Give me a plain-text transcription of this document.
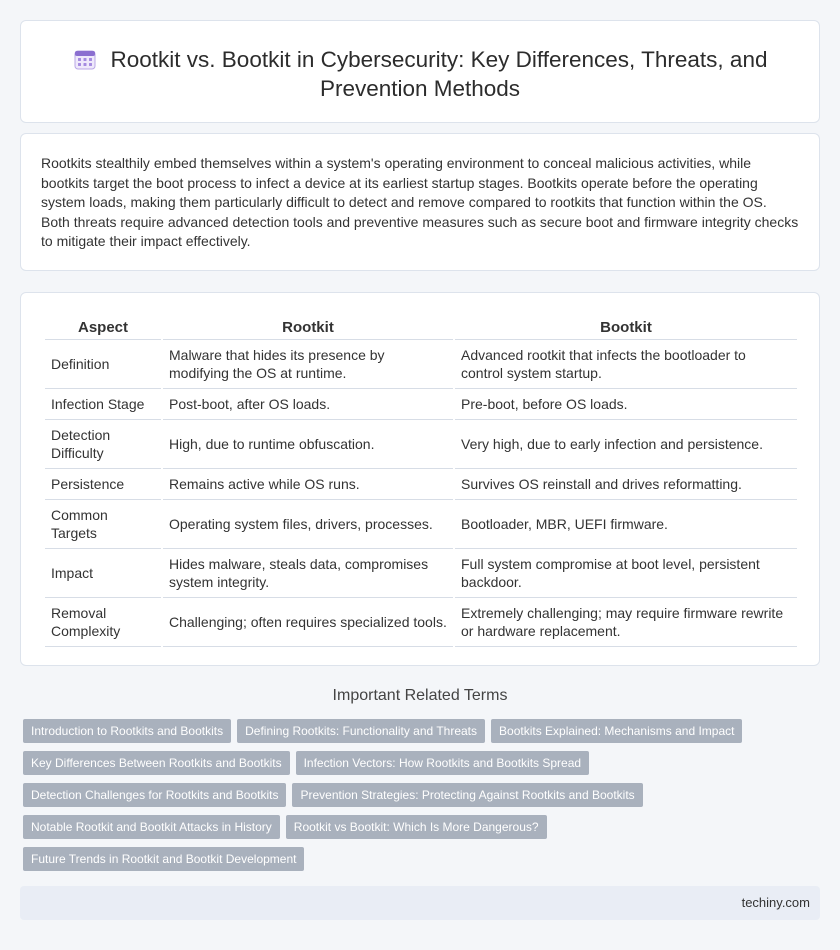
Rootkit vs. Bootkit in Cybersecurity: Key Differences, Threats, and Prevention Methods
Rootkits stealthily embed themselves within a system's operating environment to conceal malicious activities, while bootkits target the boot process to infect a device at its earliest startup stages. Bootkits operate before the operating system loads, making them particularly difficult to detect and remove compared to rootkits that function within the OS. Both threats require advanced detection tools and preventive measures such as secure boot and firmware integrity checks to mitigate their impact effectively.
Aspect	Rootkit	Bootkit
Definition	Malware that hides its presence by modifying the OS at runtime.	Advanced rootkit that infects the bootloader to control system startup.
Infection Stage	Post-boot, after OS loads.	Pre-boot, before OS loads.
Detection Difficulty	High, due to runtime obfuscation.	Very high, due to early infection and persistence.
Persistence	Remains active while OS runs.	Survives OS reinstall and drives reformatting.
Common Targets	Operating system files, drivers, processes.	Bootloader, MBR, UEFI firmware.
Impact	Hides malware, steals data, compromises system integrity.	Full system compromise at boot level, persistent backdoor.
Removal Complexity	Challenging; often requires specialized tools.	Extremely challenging; may require firmware rewrite or hardware replacement.
Important Related Terms
Introduction to Rootkits and Bootkits	Defining Rootkits: Functionality and Threats	Bootkits Explained: Mechanisms and Impact
Key Differences Between Rootkits and Bootkits	Infection Vectors: How Rootkits and Bootkits Spread
Detection Challenges for Rootkits and Bootkits	Prevention Strategies: Protecting Against Rootkits and Bootkits
Notable Rootkit and Bootkit Attacks in History	Rootkit vs Bootkit: Which Is More Dangerous?
Future Trends in Rootkit and Bootkit Development
techiny.com
